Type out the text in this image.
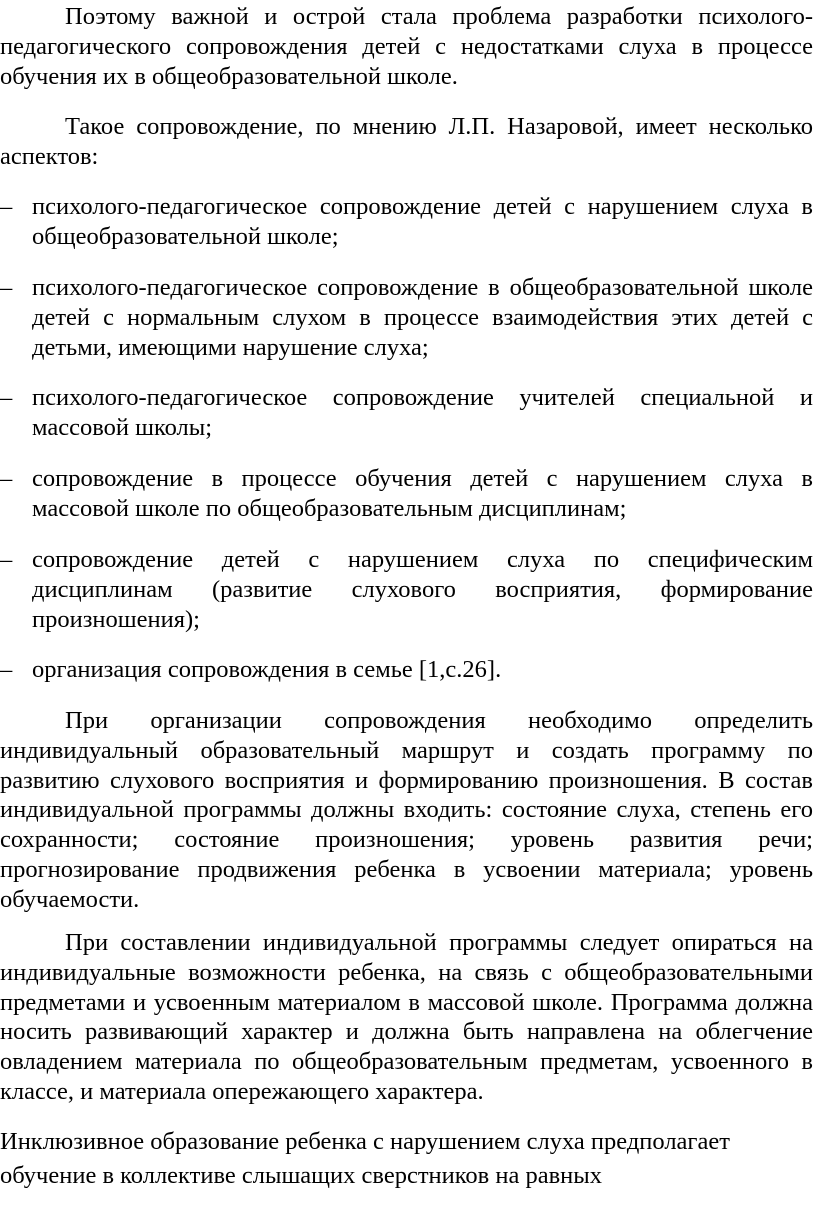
Поэтому важной и острой стала проблема разработки психолого-педагогического сопровождения детей с недостатками слуха в процессе обучения их в общеобразовательной школе.

Такое сопровождение, по мнению Л.П. Назаровой, имеет несколько аспектов:

– психолого-педагогическое сопровождение детей с нарушением слуха в общеобразовательной школе;
– психолого-педагогическое сопровождение в общеобразовательной школе детей с нормальным слухом в процессе взаимодействия этих детей с детьми, имеющими нарушение слуха;
– психолого-педагогическое сопровождение учителей специальной и массовой школы;
– сопровождение в процессе обучения детей с нарушением слуха в массовой школе по общеобразовательным дисциплинам;
– сопровождение детей с нарушением слуха по специфическим дисциплинам (развитие слухового восприятия, формирование произношения);
– организация сопровождения в семье [1,с.26].

При организации сопровождения необходимо определить индивидуальный образовательный маршрут и создать программу по развитию слухового восприятия и формированию произношения. В состав индивидуальной программы должны входить: состояние слуха, степень его сохранности; состояние произношения; уровень развития речи; прогнозирование продвижения ребенка в усвоении материала; уровень обучаемости.

При составлении индивидуальной программы следует опираться на индивидуальные возможности ребенка, на связь с общеобразовательными предметами и усвоенным материалом в массовой школе. Программа должна носить развивающий характер и должна быть направлена на облегчение овладением материала по общеобразовательным предметам, усвоенного в классе, и материала опережающего характера.

Инклюзивное образование ребенка с нарушением слуха предполагает

обучение в коллективе слышащих сверстников на равных
